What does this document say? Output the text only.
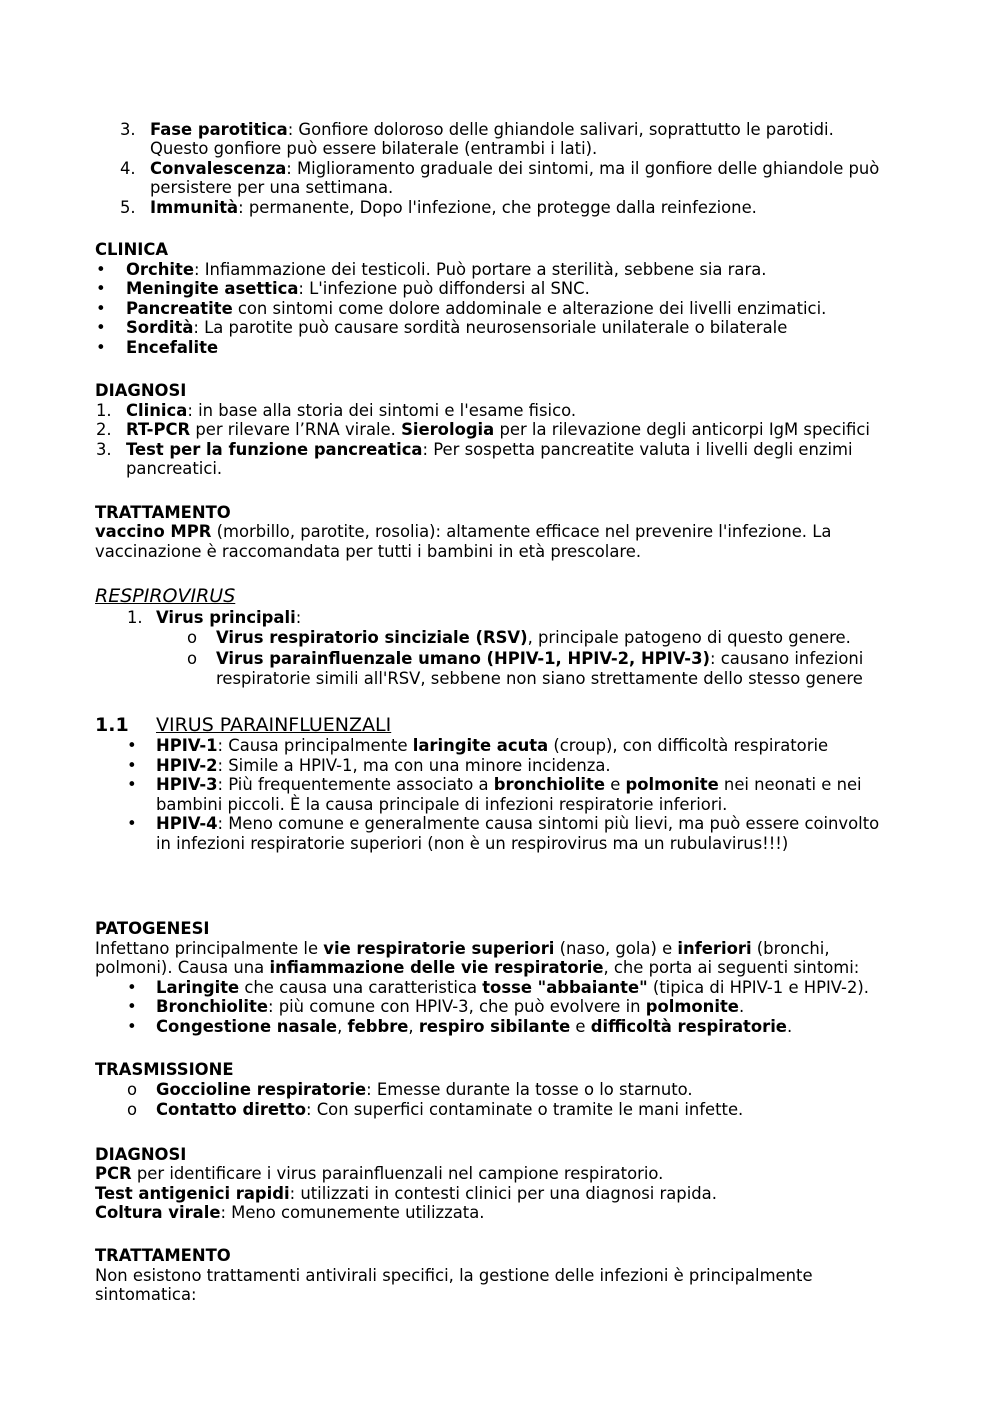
3. Fase parotitica: Gonfiore doloroso delle ghiandole salivari, soprattutto le parotidi.
Questo gonfiore può essere bilaterale (entrambi i lati).
4. Convalescenza: Miglioramento graduale dei sintomi, ma il gonfiore delle ghiandole può
persistere per una settimana.
5. Immunità: permanente, Dopo l'infezione, che protegge dalla reinfezione.
CLINICA
• Orchite: Infiammazione dei testicoli. Può portare a sterilità, sebbene sia rara.
• Meningite asettica: L'infezione può diffondersi al SNC.
• Pancreatite con sintomi come dolore addominale e alterazione dei livelli enzimatici.
• Sordità: La parotite può causare sordità neurosensoriale unilaterale o bilaterale
• Encefalite
DIAGNOSI
1. Clinica: in base alla storia dei sintomi e l'esame fisico.
2. RT-PCR per rilevare l’RNA virale. Sierologia per la rilevazione degli anticorpi IgM specifici
3. Test per la funzione pancreatica: Per sospetta pancreatite valuta i livelli degli enzimi
pancreatici.
TRATTAMENTO
vaccino MPR (morbillo, parotite, rosolia): altamente efficace nel prevenire l'infezione. La
vaccinazione è raccomandata per tutti i bambini in età prescolare.
RESPIROVIRUS
1. Virus principali:
o Virus respiratorio sinciziale (RSV), principale patogeno di questo genere.
o Virus parainfluenzale umano (HPIV-1, HPIV-2, HPIV-3): causano infezioni
respiratorie simili all'RSV, sebbene non siano strettamente dello stesso genere
1.1 VIRUS PARAINFLUENZALI
• HPIV-1: Causa principalmente laringite acuta (croup), con difficoltà respiratorie
• HPIV-2: Simile a HPIV-1, ma con una minore incidenza.
• HPIV-3: Più frequentemente associato a bronchiolite e polmonite nei neonati e nei
bambini piccoli. È la causa principale di infezioni respiratorie inferiori.
• HPIV-4: Meno comune e generalmente causa sintomi più lievi, ma può essere coinvolto
in infezioni respiratorie superiori (non è un respirovirus ma un rubulavirus!!!)
PATOGENESI
Infettano principalmente le vie respiratorie superiori (naso, gola) e inferiori (bronchi,
polmoni). Causa una infiammazione delle vie respiratorie, che porta ai seguenti sintomi:
• Laringite che causa una caratteristica tosse "abbaiante" (tipica di HPIV-1 e HPIV-2).
• Bronchiolite: più comune con HPIV-3, che può evolvere in polmonite.
• Congestione nasale, febbre, respiro sibilante e difficoltà respiratorie.
TRASMISSIONE
o Goccioline respiratorie: Emesse durante la tosse o lo starnuto.
o Contatto diretto: Con superfici contaminate o tramite le mani infette.
DIAGNOSI
PCR per identificare i virus parainfluenzali nel campione respiratorio.
Test antigenici rapidi: utilizzati in contesti clinici per una diagnosi rapida.
Coltura virale: Meno comunemente utilizzata.
TRATTAMENTO
Non esistono trattamenti antivirali specifici, la gestione delle infezioni è principalmente
sintomatica:
